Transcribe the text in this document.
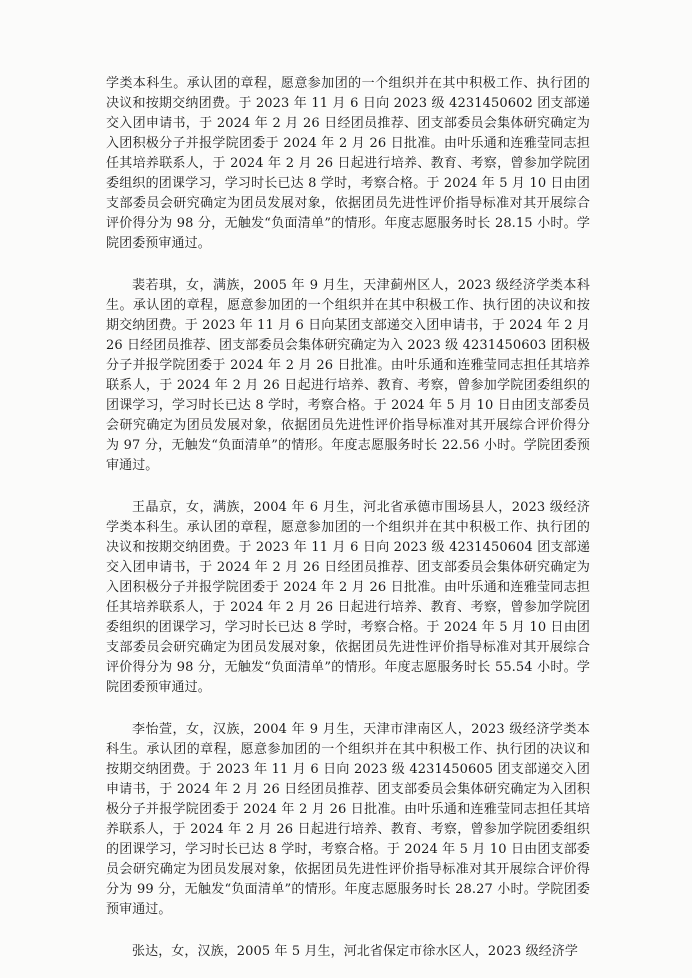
学类本科生。承认团的章程，愿意参加团的一个组织并在其中积极工作、执行团的决议和按期交纳团费。于 2023 年 11 月 6 日向 2023 级 4231450602 团支部递交入团申请书，于 2024 年 2 月 26 日经团员推荐、团支部委员会集体研究确定为入团积极分子并报学院团委于 2024 年 2 月 26 日批准。由叶乐通和连雅莹同志担任其培养联系人，于 2024 年 2 月 26 日起进行培养、教育、考察，曾参加学院团委组织的团课学习，学习时长已达 8 学时，考察合格。于 2024 年 5 月 10 日由团支部委员会研究确定为团员发展对象，依据团员先进性评价指导标准对其开展综合评价得分为 98 分，无触发“负面清单”的情形。年度志愿服务时长 28.15 小时。学院团委预审通过。

裴若琪，女，满族，2005 年 9 月生，天津蓟州区人，2023 级经济学类本科生。承认团的章程，愿意参加团的一个组织并在其中积极工作、执行团的决议和按期交纳团费。于 2023 年 11 月 6 日向某团支部递交入团申请书，于 2024 年 2 月 26 日经团员推荐、团支部委员会集体研究确定为入 2023 级 4231450603 团积极分子并报学院团委于 2024 年 2 月 26 日批准。由叶乐通和连雅莹同志担任其培养联系人，于 2024 年 2 月 26 日起进行培养、教育、考察，曾参加学院团委组织的团课学习，学习时长已达 8 学时，考察合格。于 2024 年 5 月 10 日由团支部委员会研究确定为团员发展对象，依据团员先进性评价指导标准对其开展综合评价得分为 97 分，无触发“负面清单”的情形。年度志愿服务时长 22.56 小时。学院团委预审通过。

王晶京，女，满族，2004 年 6 月生，河北省承德市围场县人，2023 级经济学类本科生。承认团的章程，愿意参加团的一个组织并在其中积极工作、执行团的决议和按期交纳团费。于 2023 年 11 月 6 日向 2023 级 4231450604 团支部递交入团申请书，于 2024 年 2 月 26 日经团员推荐、团支部委员会集体研究确定为入团积极分子并报学院团委于 2024 年 2 月 26 日批准。由叶乐通和连雅莹同志担任其培养联系人，于 2024 年 2 月 26 日起进行培养、教育、考察，曾参加学院团委组织的团课学习，学习时长已达 8 学时，考察合格。于 2024 年 5 月 10 日由团支部委员会研究确定为团员发展对象，依据团员先进性评价指导标准对其开展综合评价得分为 98 分，无触发“负面清单”的情形。年度志愿服务时长 55.54 小时。学院团委预审通过。

李怡萱，女，汉族，2004 年 9 月生，天津市津南区人，2023 级经济学类本科生。承认团的章程，愿意参加团的一个组织并在其中积极工作、执行团的决议和按期交纳团费。于 2023 年 11 月 6 日向 2023 级 4231450605 团支部递交入团申请书，于 2024 年 2 月 26 日经团员推荐、团支部委员会集体研究确定为入团积极分子并报学院团委于 2024 年 2 月 26 日批准。由叶乐通和连雅莹同志担任其培养联系人，于 2024 年 2 月 26 日起进行培养、教育、考察，曾参加学院团委组织的团课学习，学习时长已达 8 学时，考察合格。于 2024 年 5 月 10 日由团支部委员会研究确定为团员发展对象，依据团员先进性评价指导标准对其开展综合评价得分为 99 分，无触发“负面清单”的情形。年度志愿服务时长 28.27 小时。学院团委预审通过。

张达，女，汉族，2005 年 5 月生，河北省保定市徐水区人，2023 级经济学
